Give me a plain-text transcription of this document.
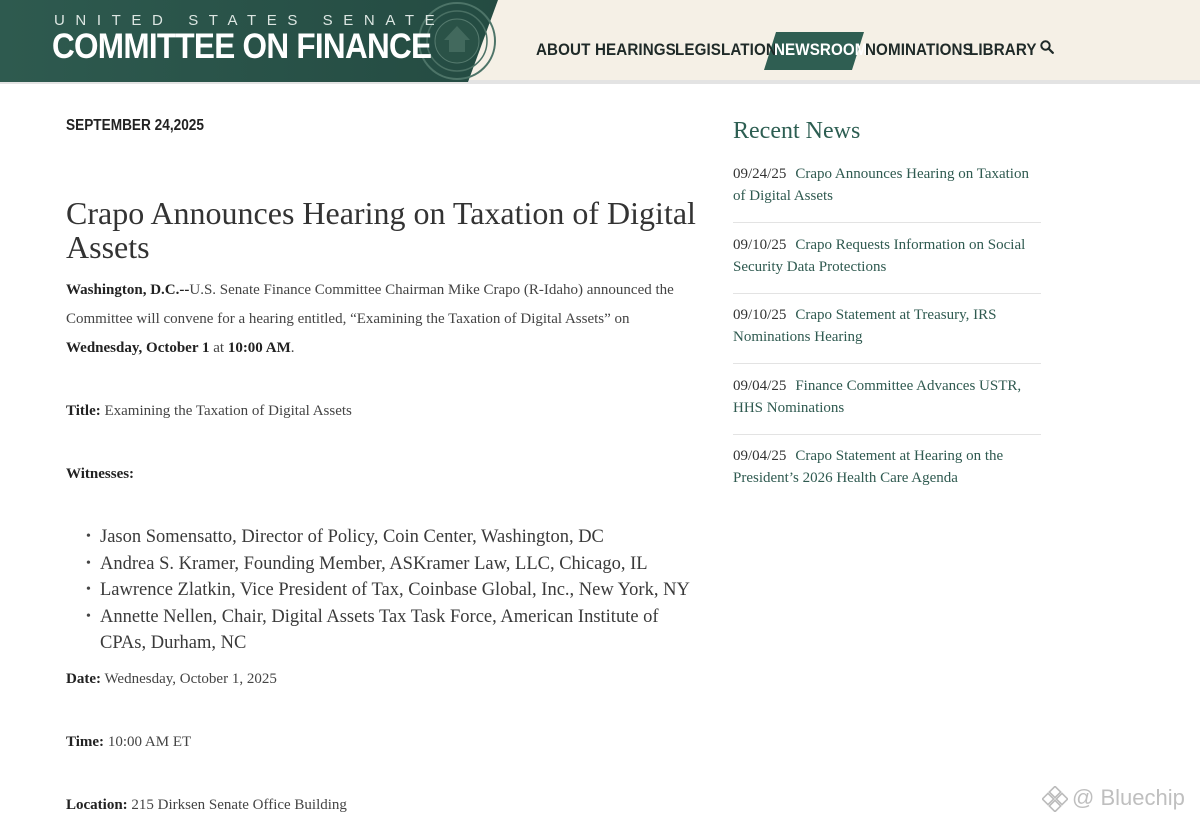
UNITED STATES SENATE
COMMITTEE ON FINANCE	ABOUT HEARINGS LEGISLATION
NEWSROOM
NOMINATIONS
LIBRARY
SEPTEMBER 24,2025
Crapo Announces Hearing on Taxation of Digital Assets
Washington, D.C.--U.S. Senate Finance Committee Chairman Mike Crapo (R-Idaho) announced the
Committee will convene for a hearing entitled, “Examining the Taxation of Digital Assets” on
Wednesday, October 1 at 10:00 AM.
Title: Examining the Taxation of Digital Assets
Witnesses:
• Jason Somensatto, Director of Policy, Coin Center, Washington, DC
• Andrea S. Kramer, Founding Member, ASKramer Law, LLC, Chicago, IL
• Lawrence Zlatkin, Vice President of Tax, Coinbase Global, Inc., New York, NY
• Annette Nellen, Chair, Digital Assets Tax Task Force, American Institute of CPAs, Durham, NC
Date: Wednesday, October 1, 2025
Time: 10:00 AM ET
Location: 215 Dirksen Senate Office Building
Recent News
09/24/25 Crapo Announces Hearing on Taxation of Digital Assets
09/10/25 Crapo Requests Information on Social Security Data Protections
09/10/25 Crapo Statement at Treasury, IRS Nominations Hearing
09/04/25 Finance Committee Advances USTR, HHS Nominations
09/04/25 Crapo Statement at Hearing on the President’s 2026 Health Care Agenda
@ Bluechip
